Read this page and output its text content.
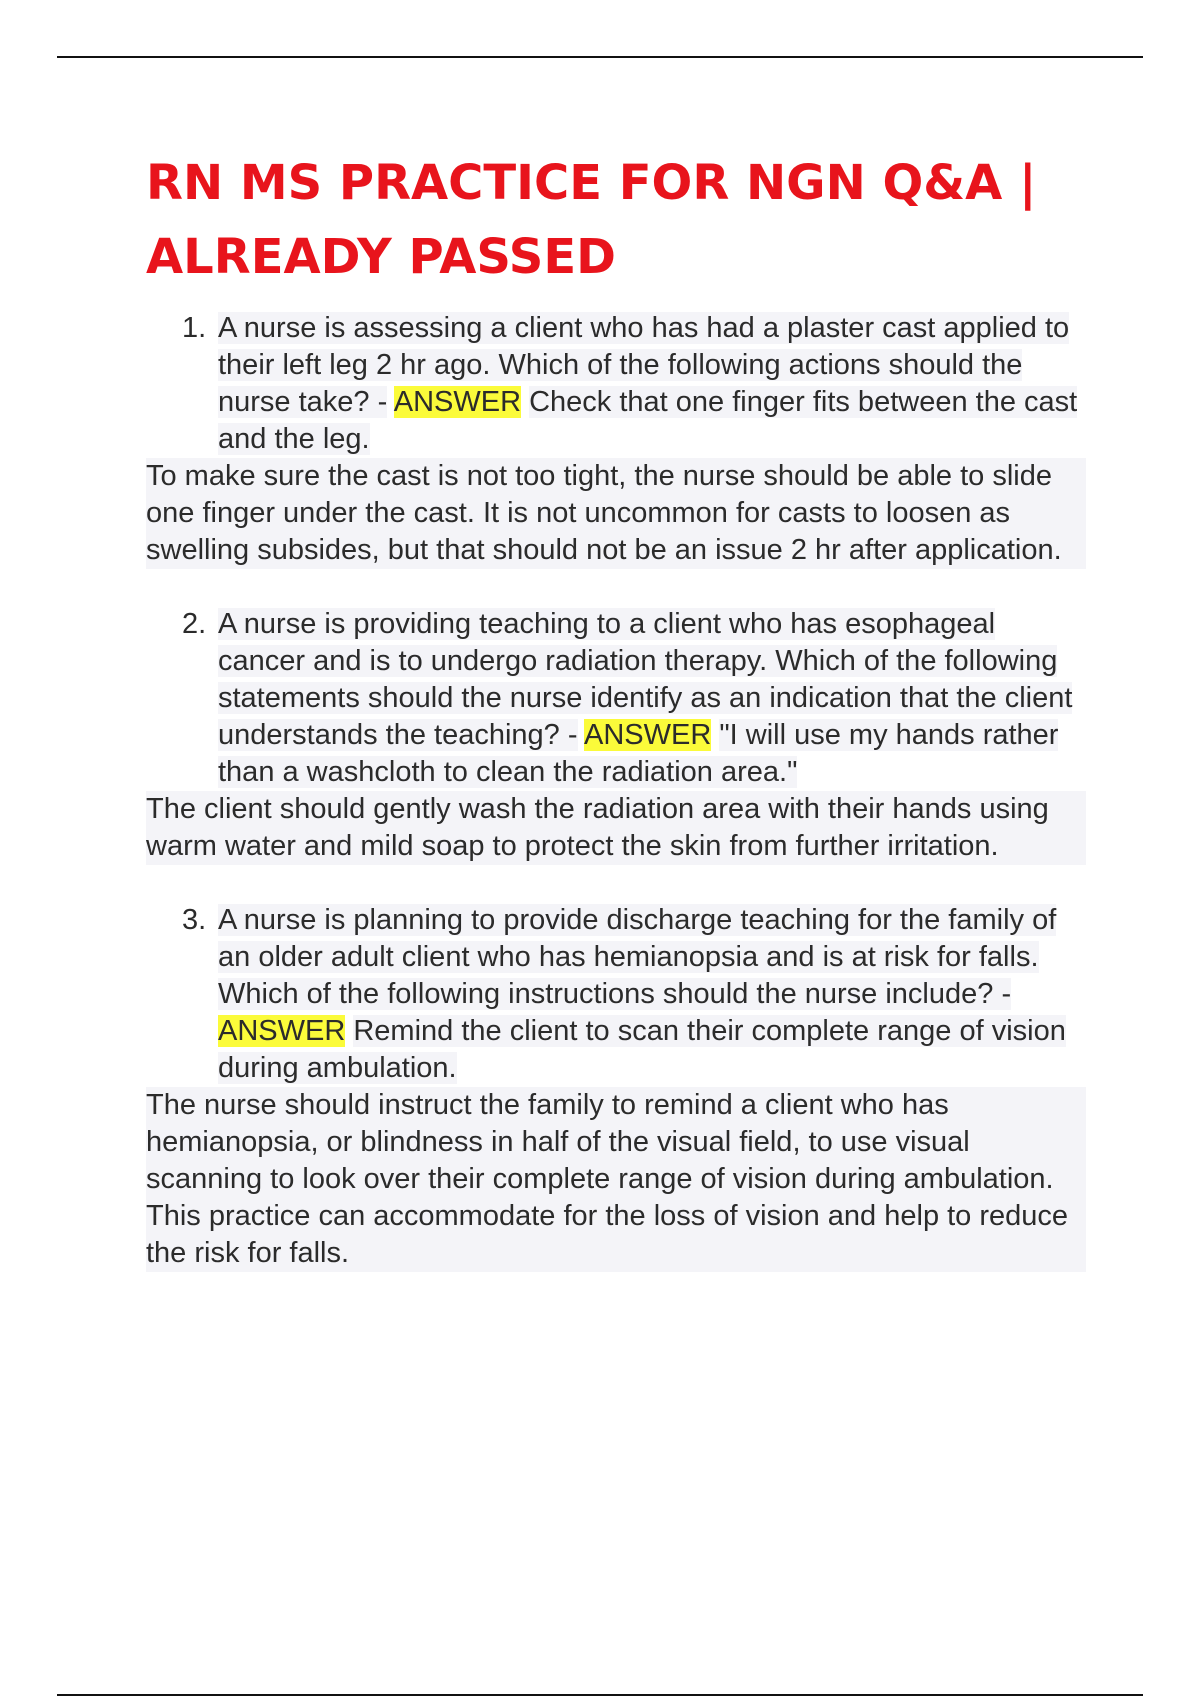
RN MS PRACTICE FOR NGN Q&A | ALREADY PASSED
1. A nurse is assessing a client who has had a plaster cast applied to their left leg 2 hr ago. Which of the following actions should the nurse take? - ANSWER Check that one finger fits between the cast and the leg.

To make sure the cast is not too tight, the nurse should be able to slide one finger under the cast. It is not uncommon for casts to loosen as swelling subsides, but that should not be an issue 2 hr after application.

2. A nurse is providing teaching to a client who has esophageal cancer and is to undergo radiation therapy. Which of the following statements should the nurse identify as an indication that the client understands the teaching? - ANSWER "I will use my hands rather than a washcloth to clean the radiation area."

The client should gently wash the radiation area with their hands using warm water and mild soap to protect the skin from further irritation.

3. A nurse is planning to provide discharge teaching for the family of an older adult client who has hemianopsia and is at risk for falls. Which of the following instructions should the nurse include? - ANSWER Remind the client to scan their complete range of vision during ambulation.

The nurse should instruct the family to remind a client who has hemianopsia, or blindness in half of the visual field, to use visual scanning to look over their complete range of vision during ambulation. This practice can accommodate for the loss of vision and help to reduce the risk for falls.
